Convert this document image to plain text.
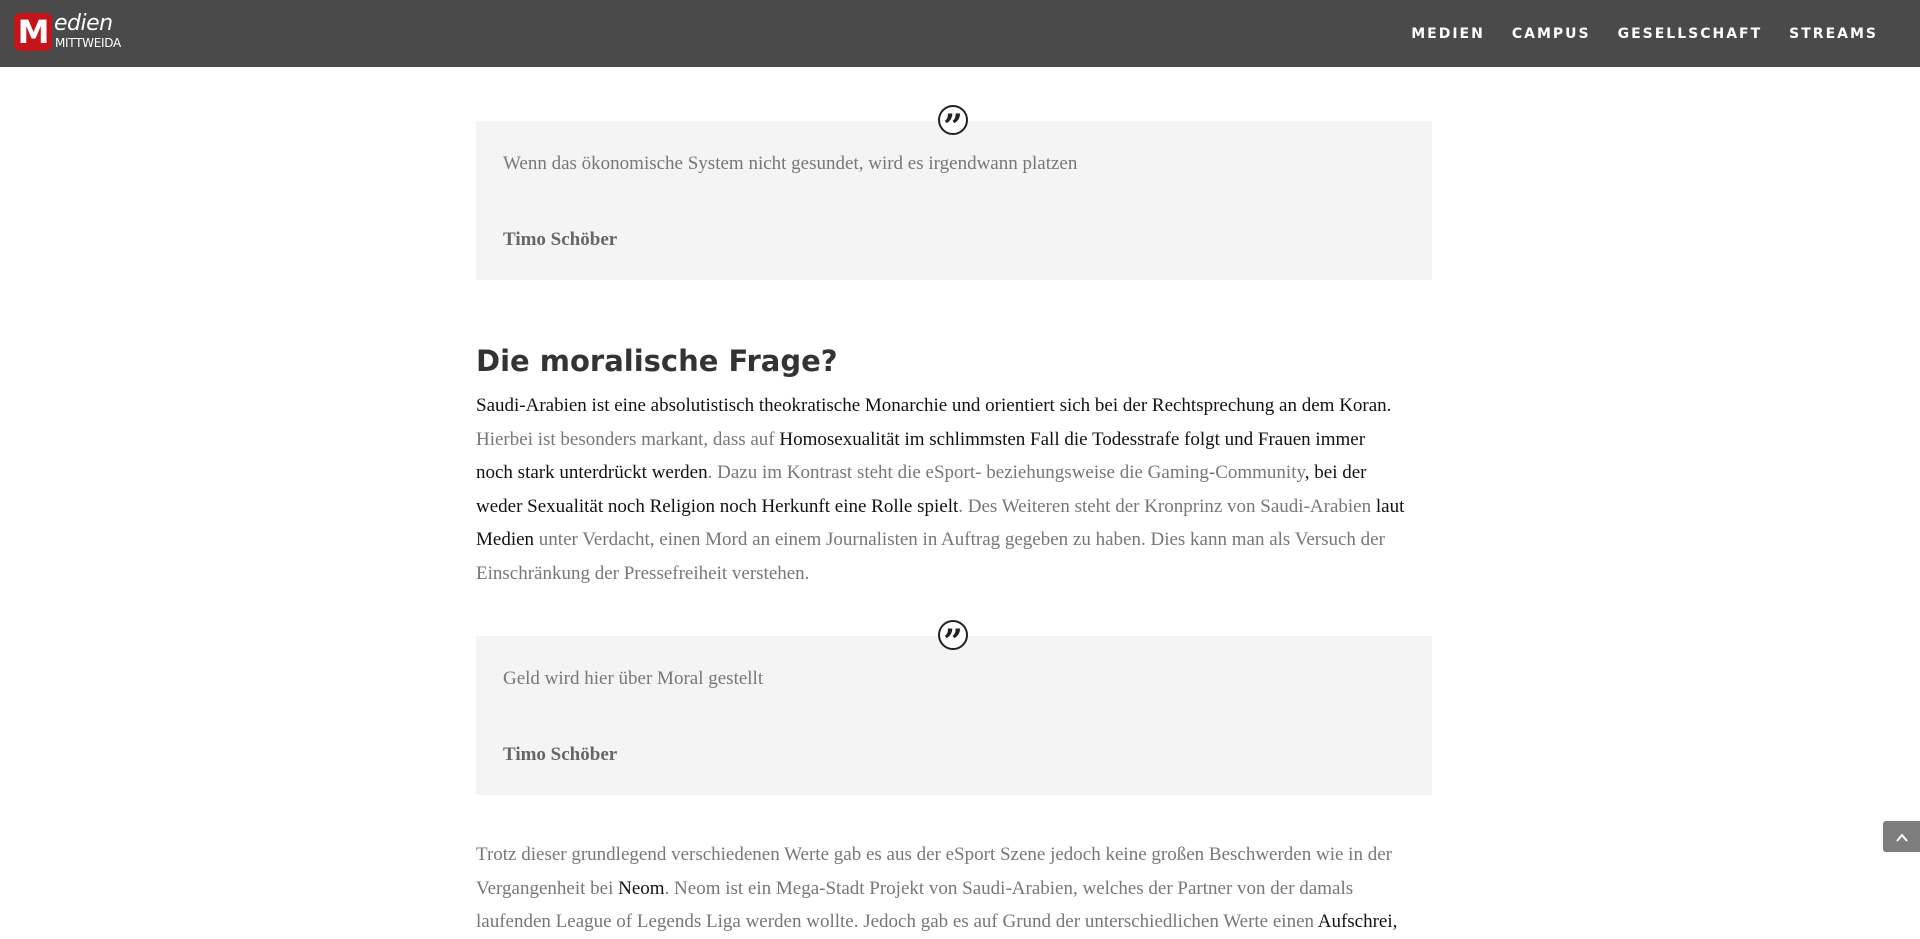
M edien
MITTWEIDA
MEDIEN CAMPUS GESELLSCHAFT STREAMS
Wenn das ökonomische System nicht gesundet, wird es irgendwann platzen
Timo Schöber
”
Die moralische Frage?
Saudi-Arabien ist eine absolutistisch theokratische Monarchie und orientiert sich bei der Rechtsprechung an dem Koran.
Hierbei ist besonders markant, dass auf Homosexualität im schlimmsten Fall die Todesstrafe folgt und Frauen immer
noch stark unterdrückt werden. Dazu im Kontrast steht die eSport- beziehungsweise die Gaming-Community, bei der
weder Sexualität noch Religion noch Herkunft eine Rolle spielt. Des Weiteren steht der Kronprinz von Saudi-Arabien laut
Medien unter Verdacht, einen Mord an einem Journalisten in Auftrag gegeben zu haben. Dies kann man als Versuch der
Einschränkung der Pressefreiheit verstehen.
Geld wird hier über Moral gestellt
Timo Schöber
”
Trotz dieser grundlegend verschiedenen Werte gab es aus der eSport Szene jedoch keine großen Beschwerden wie in der
Vergangenheit bei Neom. Neom ist ein Mega-Stadt Projekt von Saudi-Arabien, welches der Partner von der damals
laufenden League of Legends Liga werden wollte. Jedoch gab es auf Grund der unterschiedlichen Werte einen Aufschrei,
